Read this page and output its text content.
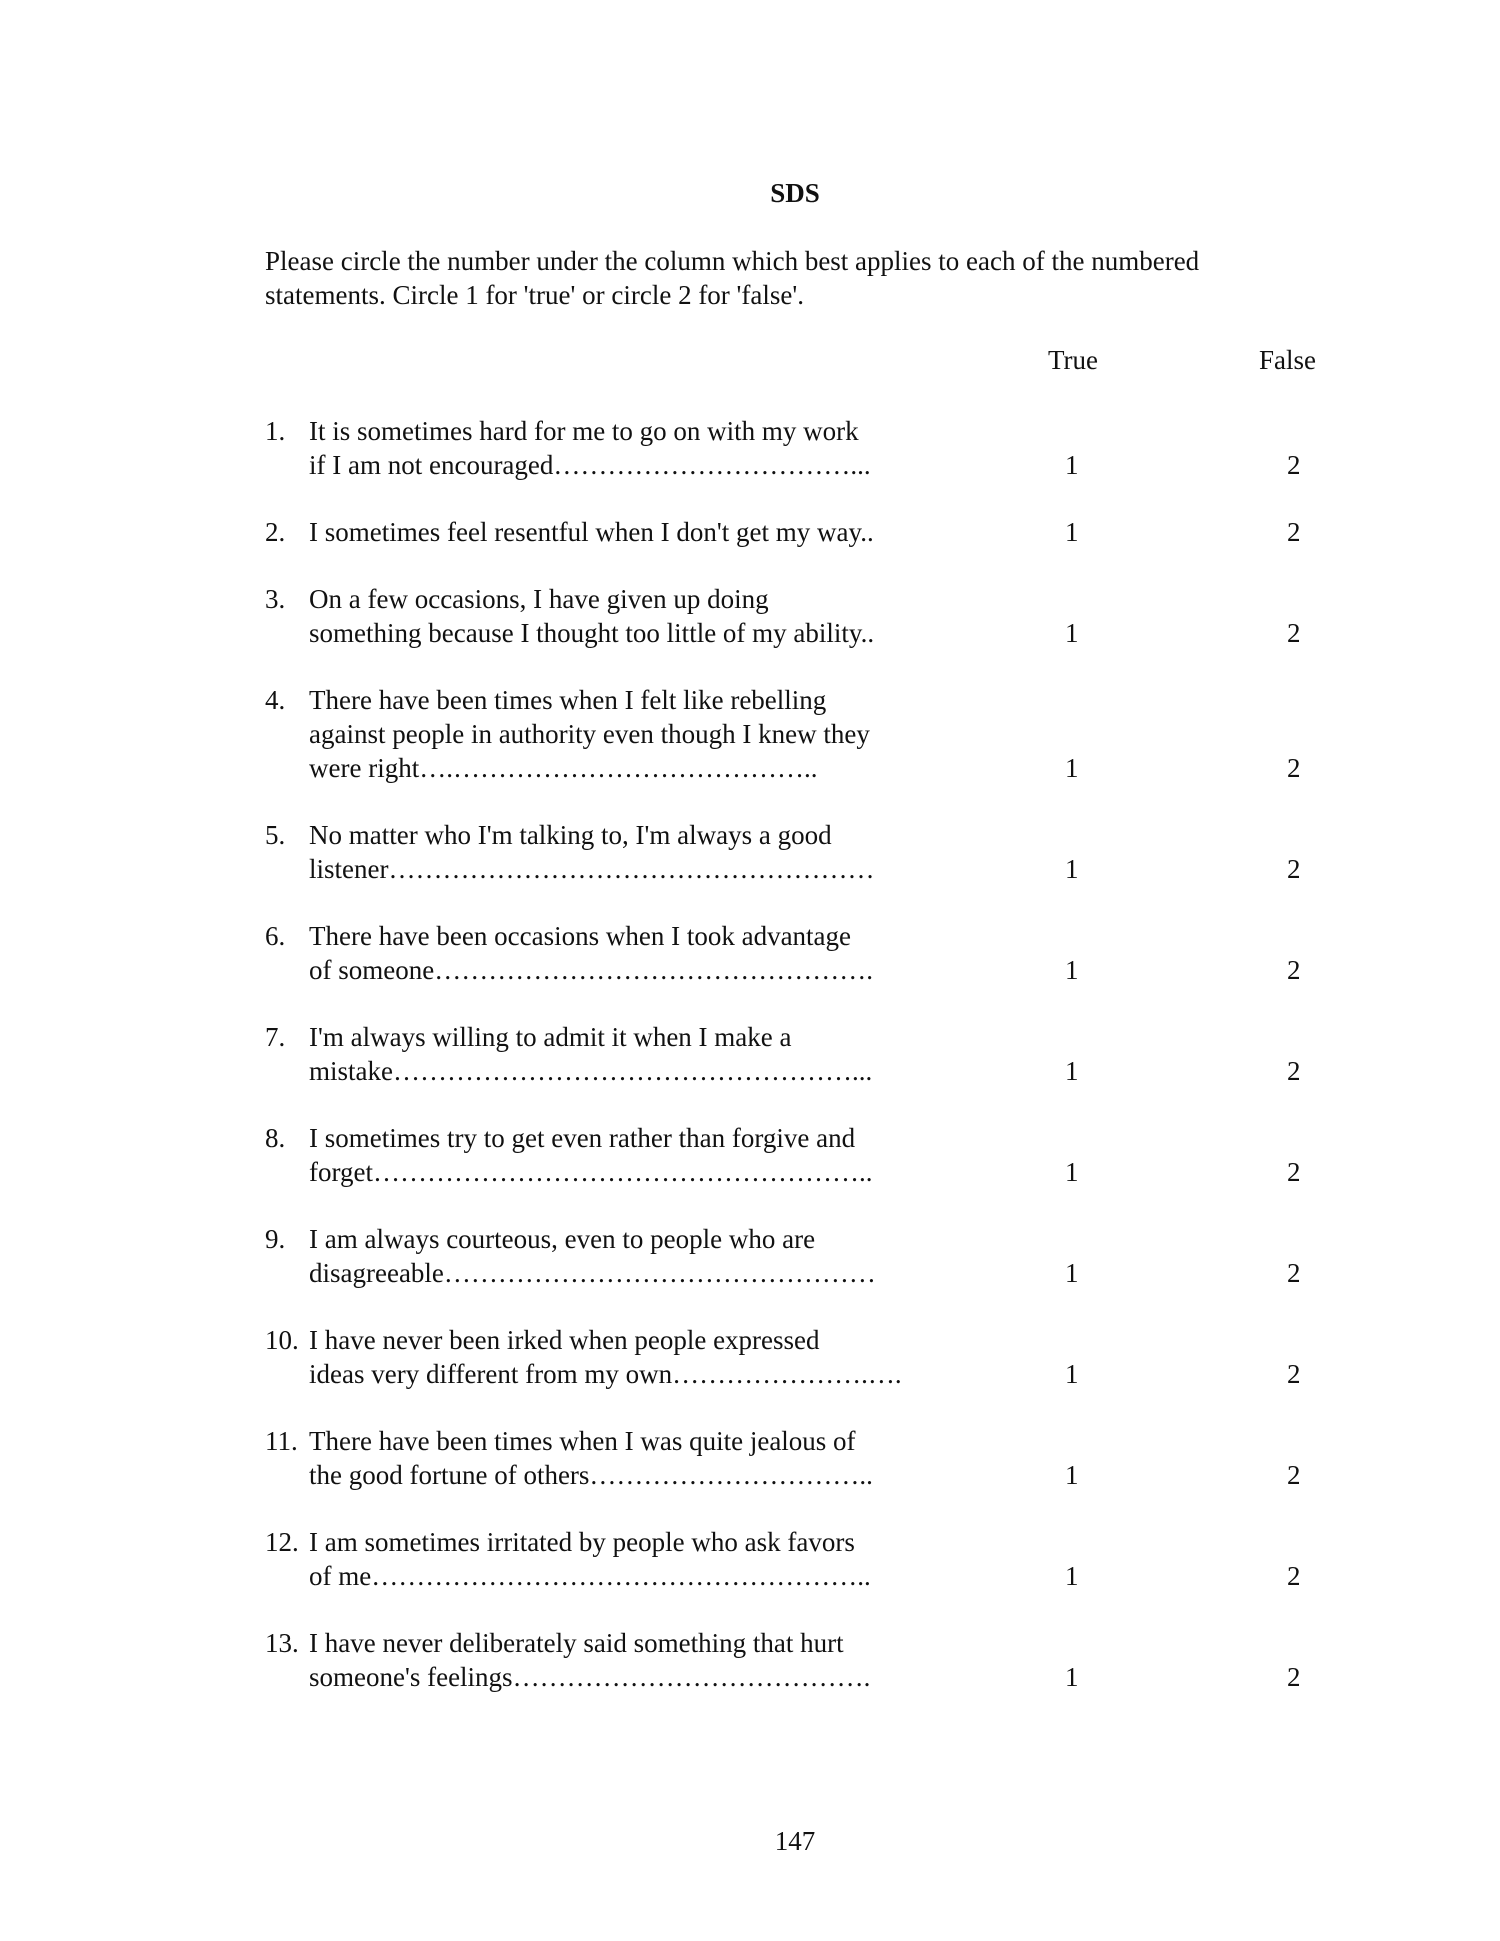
SDS
Please circle the number under the column which best applies to each of the numbered statements. Circle 1 for 'true' or circle 2 for 'false'.
True	False
1. It is sometimes hard for me to go on with my work
if I am not encouraged……………………………...	1	2
2. I sometimes feel resentful when I don't get my way..	1	2
3. On a few occasions, I have given up doing
something because I thought too little of my ability..	1	2
4. There have been times when I felt like rebelling
against people in authority even though I knew they
were right….…………………………………..	1	2
5. No matter who I'm talking to, I'm always a good
listener………………………………………………	1	2
6. There have been occasions when I took advantage
of someone………………………………………….	1	2
7. I'm always willing to admit it when I make a
mistake……………………………………………...	1	2
8. I sometimes try to get even rather than forgive and
forget………………………………………………..	1	2
9. I am always courteous, even to people who are
disagreeable…………………………………………	1	2
10. I have never been irked when people expressed
ideas very different from my own………………….….	1	2
11. There have been times when I was quite jealous of
the good fortune of others…………………………..	1	2
12. I am sometimes irritated by people who ask favors
of me………………………………………………..	1	2
13. I have never deliberately said something that hurt
someone's feelings………………………………….	1	2
147
